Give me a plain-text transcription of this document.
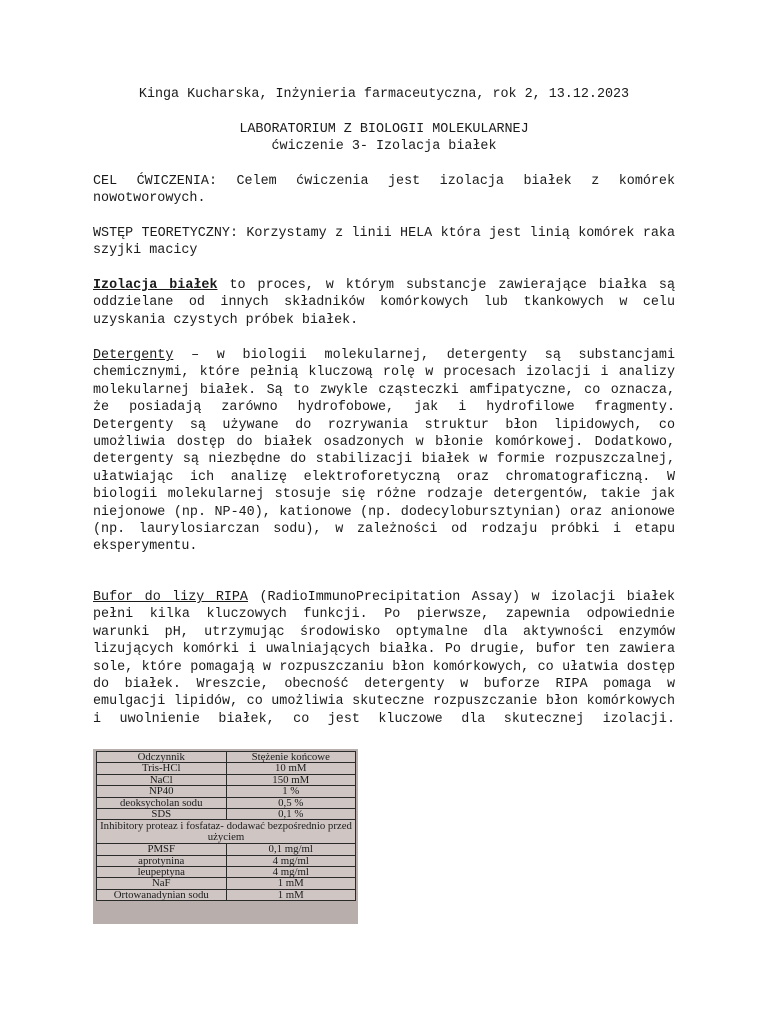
Kinga Kucharska, Inżynieria farmaceutyczna, rok 2, 13.12.2023
LABORATORIUM Z BIOLOGII MOLEKULARNEJ
ćwiczenie 3- Izolacja białek

CEL ĆWICZENIA: Celem ćwiczenia jest izolacja białek z komórek nowotworowych.

WSTĘP TEORETYCZNY: Korzystamy z linii HELA która jest linią komórek raka szyjki macicy

Izolacja białek to proces, w którym substancje zawierające białka są oddzielane od innych składników komórkowych lub tkankowych w celu uzyskania czystych próbek białek.

Detergenty – w biologii molekularnej, detergenty są substancjami chemicznymi, które pełnią kluczową rolę w procesach izolacji i analizy molekularnej białek. Są to zwykle cząsteczki amfipatyczne, co oznacza, że posiadają zarówno hydrofobowe, jak i hydrofilowe fragmenty. Detergenty są używane do rozrywania struktur błon lipidowych, co umożliwia dostęp do białek osadzonych w błonie komórkowej. Dodatkowo, detergenty są niezbędne do stabilizacji białek w formie rozpuszczalnej, ułatwiając ich analizę elektroforetyczną oraz chromatograficzną. W biologii molekularnej stosuje się różne rodzaje detergentów, takie jak niejonowe (np. NP-40), kationowe (np. dodecylobursztynian) oraz anionowe (np. laurylosiarczan sodu), w zależności od rodzaju próbki i etapu eksperymentu.

Bufor do lizy RIPA (RadioImmunoPrecipitation Assay) w izolacji białek pełni kilka kluczowych funkcji. Po pierwsze, zapewnia odpowiednie warunki pH, utrzymując środowisko optymalne dla aktywności enzymów lizujących komórki i uwalniających białka. Po drugie, bufor ten zawiera sole, które pomagają w rozpuszczaniu błon komórkowych, co ułatwia dostęp do białek. Wreszcie, obecność detergenty w buforze RIPA pomaga w emulgacji lipidów, co umożliwia skuteczne rozpuszczanie błon komórkowych i uwolnienie białek, co jest kluczowe dla skutecznej izolacji.

Odczynnik	Stężenie końcowe
Tris-HCl	10 mM
NaCl	150 mM
NP40	1 %
deoksycholan sodu	0,5 %
SDS	0,1 %
Inhibitory proteaz i fosfataz- dodawać bezpośrednio przed użyciem	
PMSF	0,1 mg/ml
aprotynina	4 mg/ml
leupeptyna	4 mg/ml
NaF	1 mM
Ortowanadynian sodu	1 mM
